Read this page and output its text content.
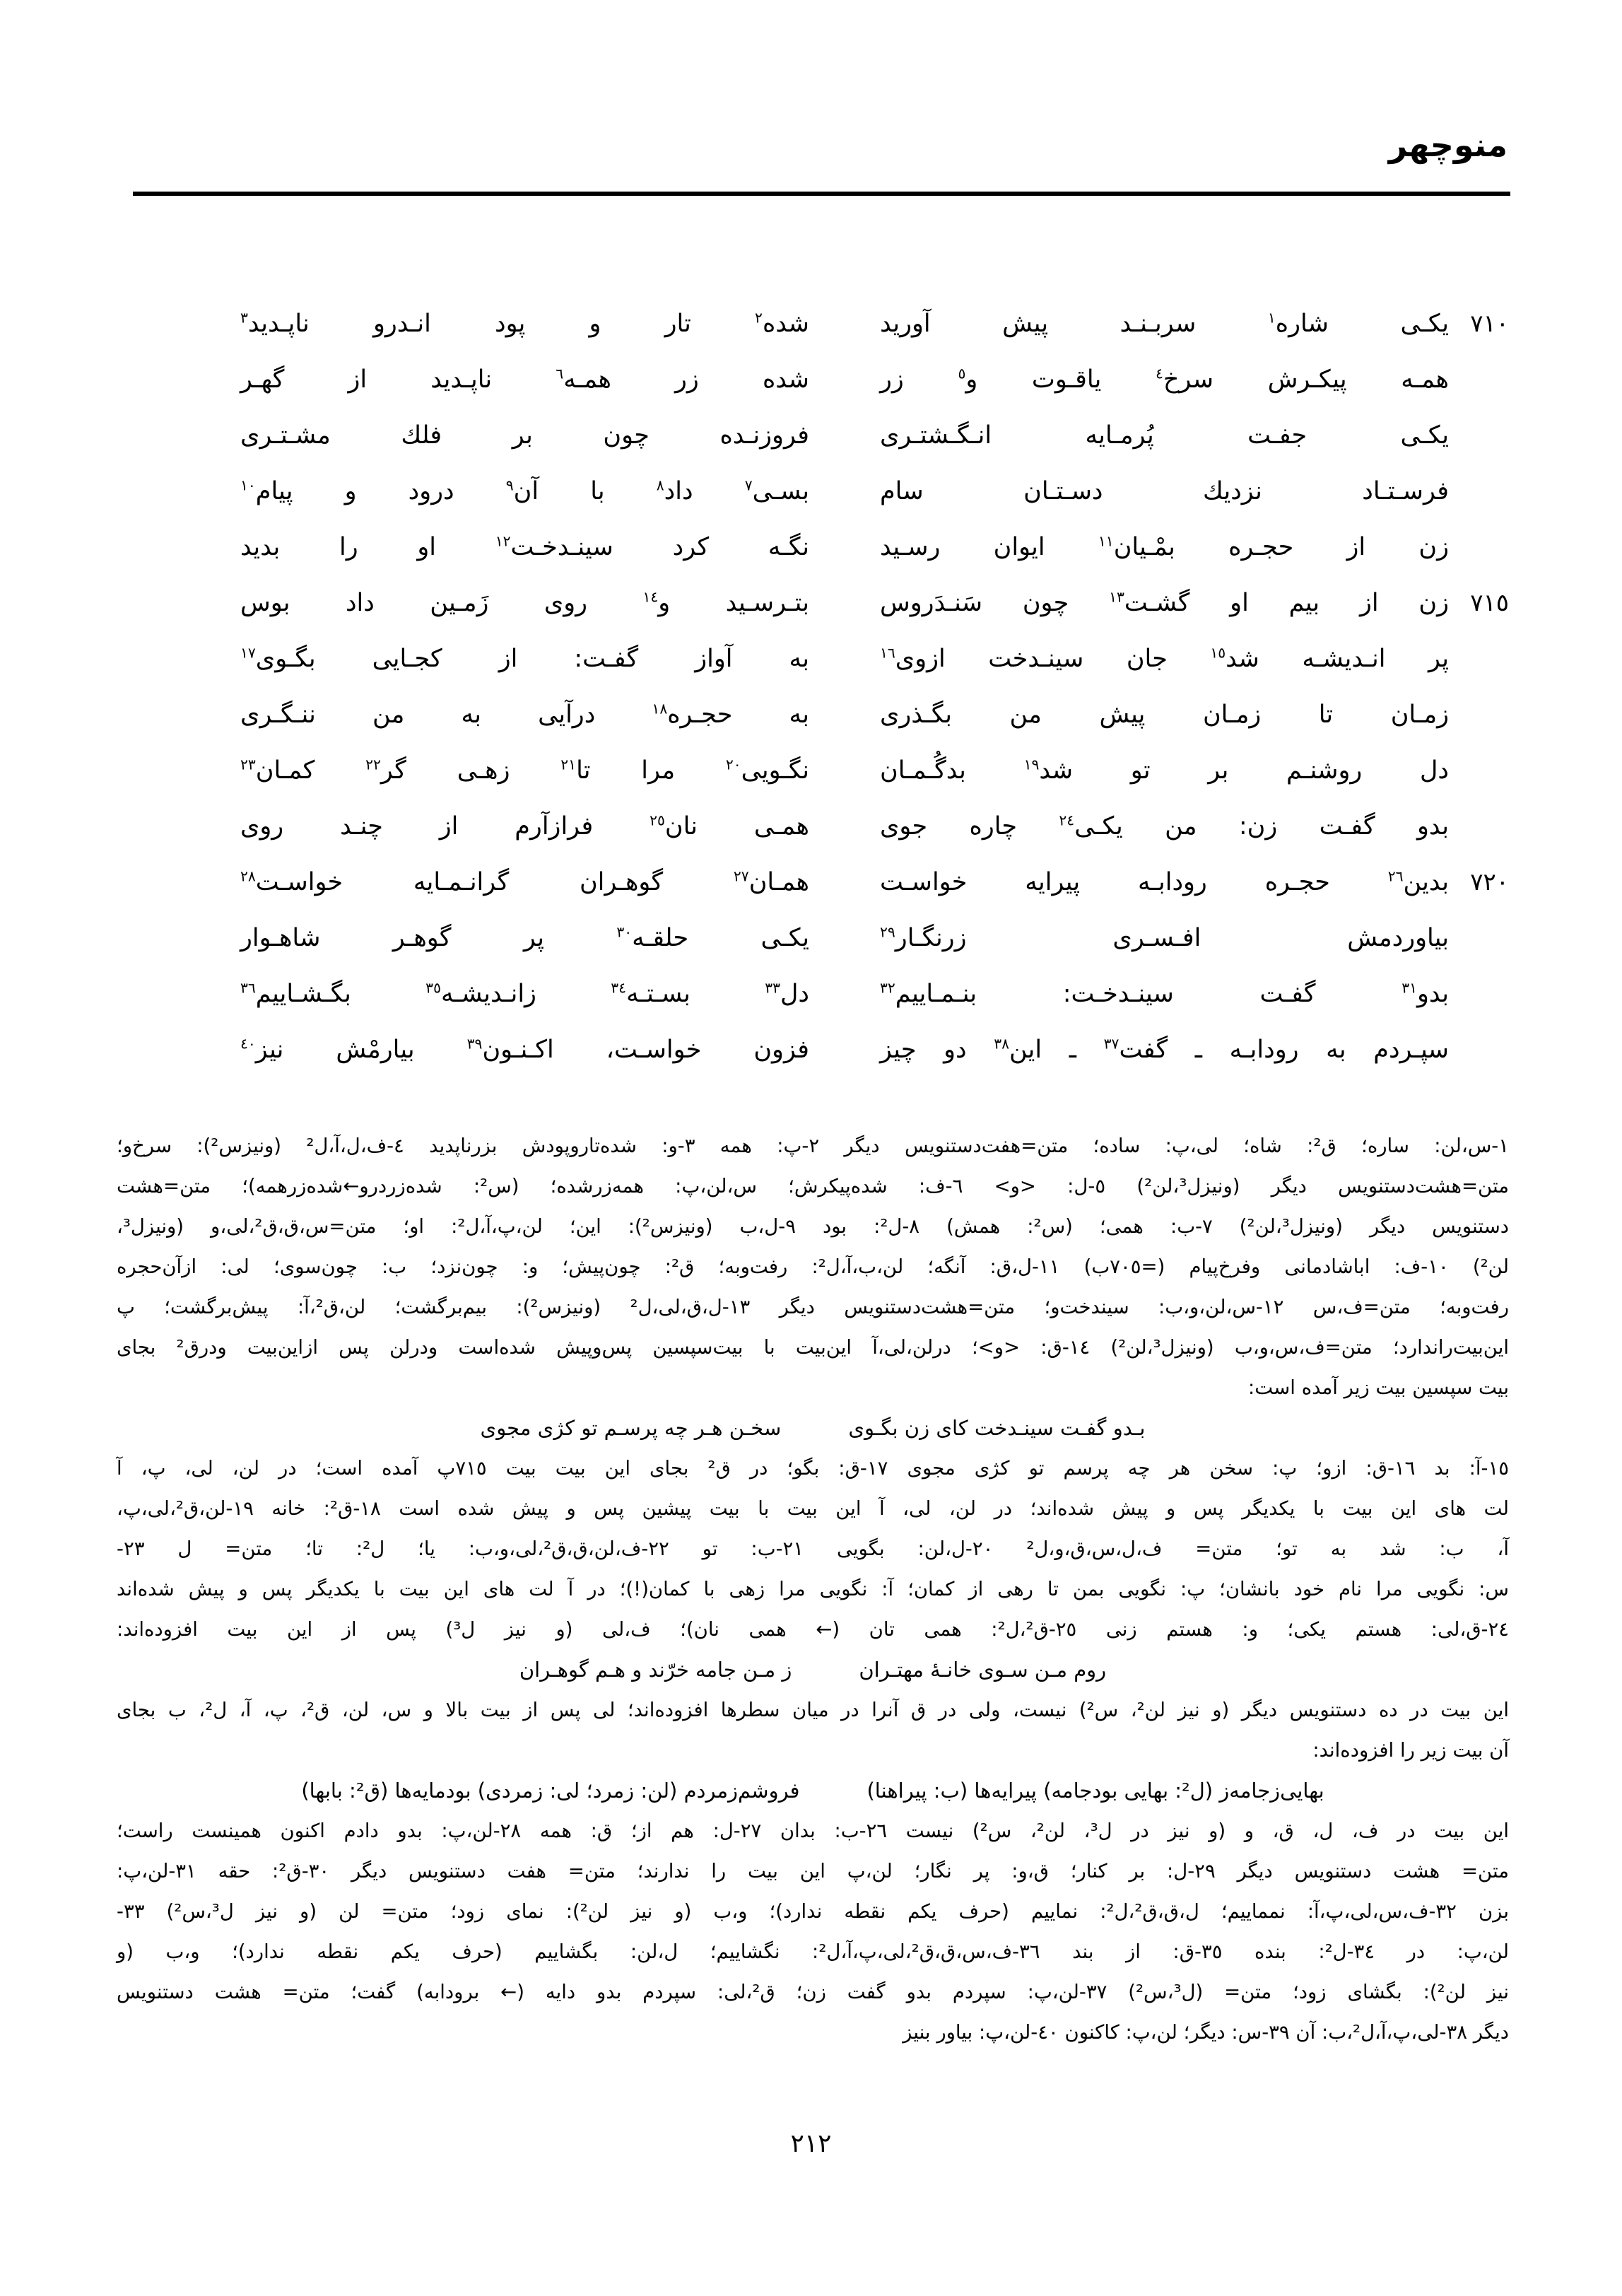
منوچهر
٧١٠
یکـی شاره$^١$ سربـنـد پیش آورید
شده$^٢$ تار و پود انـدرو ناپـدید$^٣$
همـه پیکـرش سرخ$^٤$ یاقـوت و$^٥$ زر
شده زر همـه$^٦$ ناپـدید از گهـر
یکـی جفـت پُرمـایه انـگـشتـری
فروزنـده چون بر فلك مشـتـری
فرسـتـاد نزدیك دسـتـان سام
بسـی$^٧$ داد$^٨$ با آن$^٩$ درود و پیام$^{١٠}$
زن از حجـره بمْـیان$^{١١}$ ایوان رسـید
نگـه كرد سینـدخـت$^{١٢}$ او را بدید
٧١٥
زن از بیم او گشـت$^{١٣}$ چون سَنـدَروس
بتـرسـید و$^{١٤}$ روی زَمـین داد بوس
پر انـدیشـه شد$^{١٥}$ جان سینـدخت ازوی$^{١٦}$
به آواز گفـت: از كجـایی بگـوی$^{١٧}$
زمـان تا زمـان پیش من بگـذری
به حجـره$^{١٨}$ درآیی به من ننـگـری
دل روشنـم بر تو شد$^{١٩}$ بدگُـمـان
نگـویی$^{٢٠}$ مرا تا$^{٢١}$ زهـی گر$^{٢٢}$ كمـان$^{٢٣}$
بدو گفـت زن: من یکـی$^{٢٤}$ چاره جوی
همـی نان$^{٢٥}$ فرازآرم از چنـد روی
٧٢٠
بدین$^{٢٦}$ حجـره رودابـه پیرایه خواسـت
همـان$^{٢٧}$ گوهـران گرانـمـایه خواسـت$^{٢٨}$
بیاوردمش افـسـری زرنگـار$^{٢٩}$
یكـی حلقـه$^{٣٠}$ پر گوهـر شاهـوار
بدو$^{٣١}$ گفـت سینـدخـت: بنـمـاییم$^{٣٢}$
دل$^{٣٣}$ بسـتـه$^{٣٤}$ زانـدیشـه$^{٣٥}$ بگـشـاییم$^{٣٦}$
سپـردم به رودابـه ـ گفت$^{٣٧}$ ـ این$^{٣٨}$ دو چیز
فزون خواسـت، اكـنـون$^{٣٩}$ بیارمْش نیز$^{٤٠}$
١-س،لن: ساره؛ ق²: شاه؛ لی،پ: ساده؛ متن=هفت‌دستنویس دیگر ٢-پ: همه ٣-و: شده‌تاروپودش بزرناپدید ٤-ف،ل،آ،ل² (ونیزس²): سرخ‌و؛
متن=هشت‌دستنویس دیگر (ونیزل³،لن²) ٥-ل: <و> ٦-ف: شده‌پیكرش؛ س،لن،پ: همه‌زرشده؛ (س²: شده‌زردرو←شده‌زرهمه)؛ متن=هشت
دستنویس دیگر (ونیزل³،لن²) ٧-ب: همی؛ (س²: همش) ٨-ل²: بود ٩-ل،ب (ونیزس²): این؛ لن،پ،آ،ل²: او؛ متن=س،ق،ق²،لی،و (ونیزل³،
لن²) ١٠-ف: اباشادمانی وفرخ‌پیام (=٧٠٥ب) ١١-ل،ق: آنگه؛ لن،ب،آ،ل²: رفت‌وبه؛ ق²: چون‌پیش؛ و: چون‌نزد؛ ب: چون‌سوی؛ لی: ازآن‌حجره
رفت‌وبه؛ متن=ف،س ١٢-س،لن،و،ب: سیندخت‌و؛ متن=هشت‌دستنویس دیگر ١٣-ل،ق،لی،ل² (ونیزس²): بیم‌برگشت؛ لن،ق²،آ: پیش‌برگشت؛ پ
این‌بیت‌راندارد؛ متن=ف،س،و،ب (ونیزل³،لن²) ١٤-ق: <و>؛ درلن،لی،آ این‌بیت با بیت‌سپسین پس‌وپیش شده‌است ودرلن پس ازاین‌بیت ودرق² بجای
بیت سپسین بیت زیر آمده است:
بـدو گفـت سینـدخت كای زن بگـوی
سخـن هـر چه پرسـم تو كژی مجوی
١٥-آ: بد ١٦-ق: ازو؛ پ: سخن هر چه پرسم تو كژی مجوی ١٧-ق: بگو؛ در ق² بجای این بیت بیت ٧١٥پ آمده است؛ در لن، لی، پ، آ
لت های این بیت با یكدیگر پس و پیش شده‌اند؛ در لن، لی، آ این بیت با بیت پیشین پس و پیش شده است ١٨-ق²: خانه ١٩-لن،ق²،لی،پ،
آ، ب: شد به تو؛ متن= ف،ل،س،ق،و،ل² ٢٠-ل،لن: بگویی ٢١-ب: تو ٢٢-ف،لن،ق،ق²،لی،و،ب: یا؛ ل²: تا؛ متن= ل ٢٣-
س: نگویی مرا نام خود بانشان؛ پ: نگویی بمن تا رهی از كمان؛ آ: نگویی مرا زهی با كمان(!)؛ در آ لت های این بیت با یكدیگر پس و پیش شده‌اند
٢٤-ق،لی: هستم یكی؛ و: هستم زنی ٢٥-ق²،ل²: همی تان (← همی نان)؛ ف،لی (و نیز ل³) پس از این بیت افزوده‌اند:
روم مـن سـوی خانـهٔ مهتـران
ز مـن جامه خرّند و هـم گوهـران
این بیت در ده دستنویس دیگر (و نیز لن²، س²) نیست، ولی در ق آنرا در میان سطرها افزوده‌اند؛ لی پس از بیت بالا و س، لن، ق²، پ، آ، ل²، ب بجای
آن بیت زیر را افزوده‌اند:
بهایی‌زجامه‌ز (ل²: بهایی بودجامه) پیرایه‌ها (ب: پیراهنا)
فروشم‌زمردم (لن: زمرد؛ لی: زمردی) بودمایه‌ها (ق²: بابها)
این بیت در ف، ل، ق، و (و نیز در ل³، لن²، س²) نیست ٢٦-ب: بدان ٢٧-ل: هم از؛ ق: همه ٢٨-لن،پ: بدو دادم اكنون همینست راست؛
متن= هشت دستنویس دیگر ٢٩-ل: بر كنار؛ ق،و: پر نگار؛ لن،پ این بیت را ندارند؛ متن= هفت دستنویس دیگر ٣٠-ق²: حقه ٣١-لن،پ:
بزن ٣٢-ف،س،لی،پ،آ: نمماییم؛ ل،ق،ق²،ل²: نماییم (حرف یكم نقطه ندارد)؛ و،ب (و نیز لن²): نمای زود؛ متن= لن (و نیز ل³،س²) ٣٣-
لن،پ: در ٣٤-ل²: بنده ٣٥-ق: از بند ٣٦-ف،س،ق،ق²،لی،پ،آ،ل²: نگشاییم؛ ل،لن: بگشاییم (حرف یكم نقطه ندارد)؛ و،ب (و
نیز لن²): بگشای زود؛ متن= (ل³،س²) ٣٧-لن،پ: سپردم بدو گفت زن؛ ق²،لی: سپردم بدو دایه (← برودابه) گفت؛ متن= هشت دستنویس
دیگر ٣٨-لی،پ،آ،ل²،ب: آن ٣٩-س: دیگر؛ لن،پ: كاكنون ٤٠-لن،پ: بیاور بنیز
٢١٢
